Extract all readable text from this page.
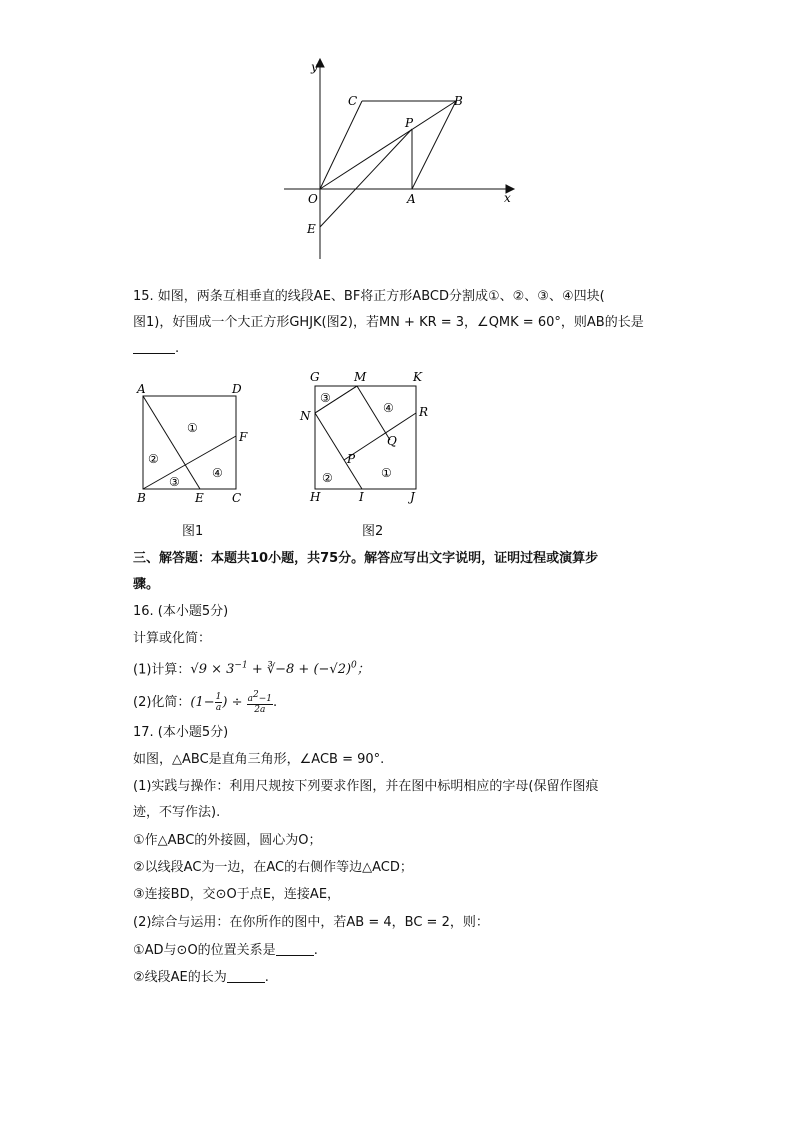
y
x
O	A
B
C
P
E
15. 如图，两条互相垂直的线段AE、BF将正方形ABCD分割成①、②、③、④四块(
图1)，好围成一个大正方形GHJK(图2)，若MN + KR = 3，∠QMK = 60°，则AB的长是
.
A	D
F
B	E C
①
②
③
④
图1
G	M	K
N	R
Q
P
H	I	J
③
④
②	①
图2
三、解答题：本题共10小题，共75分。解答应写出文字说明，证明过程或演算步
骤。
16. (本小题5分)
计算或化简：
(1)计算：$√9 \times 3^{-1}$ + ∛−8 + $(-√2)^0$；
(2)化简：($1- \frac{1}{a}$ ) ÷ $\frac{a^2-1}{2a}$ .
17. (本小题5分)
如图，△ABC是直角三角形，∠ACB = 90°.
(1)实践与操作：利用尺规按下列要求作图，并在图中标明相应的字母(保留作图痕
迹，不写作法).
①作△ABC的外接圆，圆心为O；
②以线段AC为一边，在AC的右侧作等边△ACD；
③连接BD，交⊙O于点E，连接AE，
(2)综合与运用：在你所作的图中，若AB = 4，BC = 2，则：
①AD与⊙O的位置关系是	.
②线段AE的长为	.
